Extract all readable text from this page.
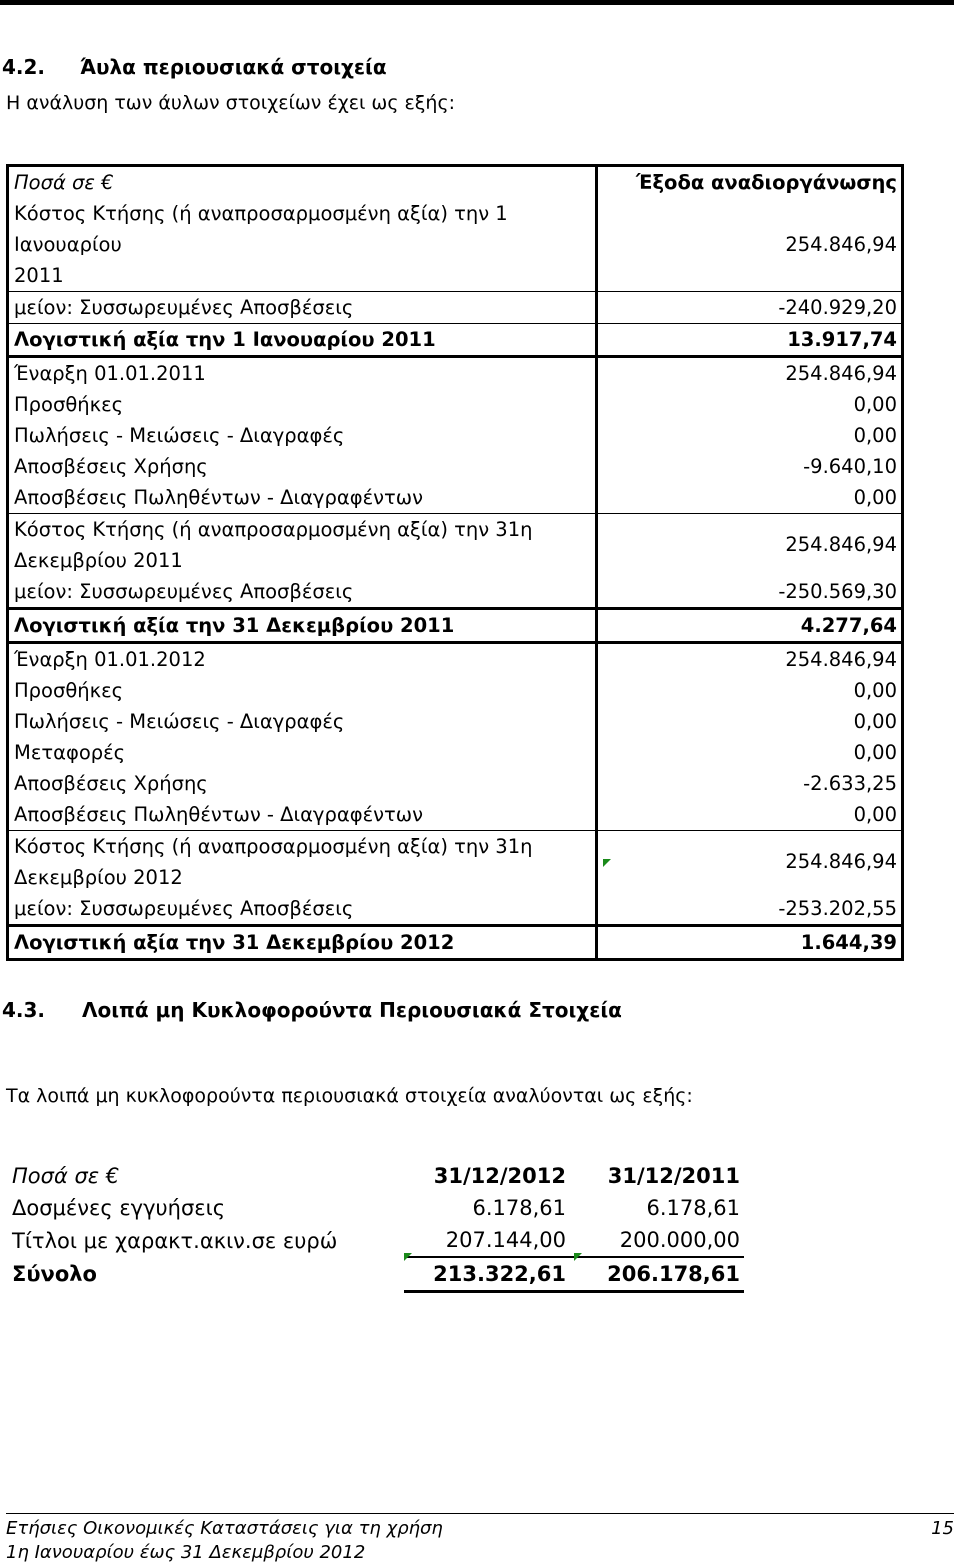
4.2. Άυλα περιουσιακά στοιχεία
Η ανάλυση των άυλων στοιχείων έχει ως εξής:
Ποσά σε €	Έξοδα αναδιοργάνωσης

Κόστος Κτήσης (ή αναπροσαρμοσμένη αξία) την 1 Ιανουαρίου
2011	254.846,94
μείον: Συσσωρευμένες Αποσβέσεις	-240.929,20
Λογιστική αξία την 1 Ιανουαρίου 2011	13.917,74
Έναρξη 01.01.2011	254.846,94
Προσθήκες	0,00
Πωλήσεις - Μειώσεις - Διαγραφές	0,00
Αποσβέσεις Χρήσης	-9.640,10
Αποσβέσεις Πωληθέντων - Διαγραφέντων	0,00

Κόστος Κτήσης (ή αναπροσαρμοσμένη αξία) την 31η
Δεκεμβρίου 2011	254.846,94
μείον: Συσσωρευμένες Αποσβέσεις	-250.569,30
Λογιστική αξία την 31 Δεκεμβρίου 2011	4.277,64
Έναρξη 01.01.2012	254.846,94
Προσθήκες	0,00
Πωλήσεις - Μειώσεις - Διαγραφές	0,00
Μεταφορές	0,00
Αποσβέσεις Χρήσης	-2.633,25
Αποσβέσεις Πωληθέντων - Διαγραφέντων	0,00

Κόστος Κτήσης (ή αναπροσαρμοσμένη αξία) την 31η
Δεκεμβρίου 2012	254.846,94
μείον: Συσσωρευμένες Αποσβέσεις	-253.202,55
Λογιστική αξία την 31 Δεκεμβρίου 2012	1.644,39
4.3. Λοιπά μη Κυκλοφορούντα Περιουσιακά Στοιχεία
Τα λοιπά μη κυκλοφορούντα περιουσιακά στοιχεία αναλύονται ως εξής:
Ποσά σε €	31/12/2012	31/12/2011
Δοσμένες εγγυήσεις	6.178,61	6.178,61
Τίτλοι με χαρακτ.ακιν.σε ευρώ	207.144,00	200.000,00
Σύνολο	213.322,61	206.178,61
Ετήσιες Οικονομικές Καταστάσεις για τη χρήση
1η Ιανουαρίου έως 31 Δεκεμβρίου 2012
15
